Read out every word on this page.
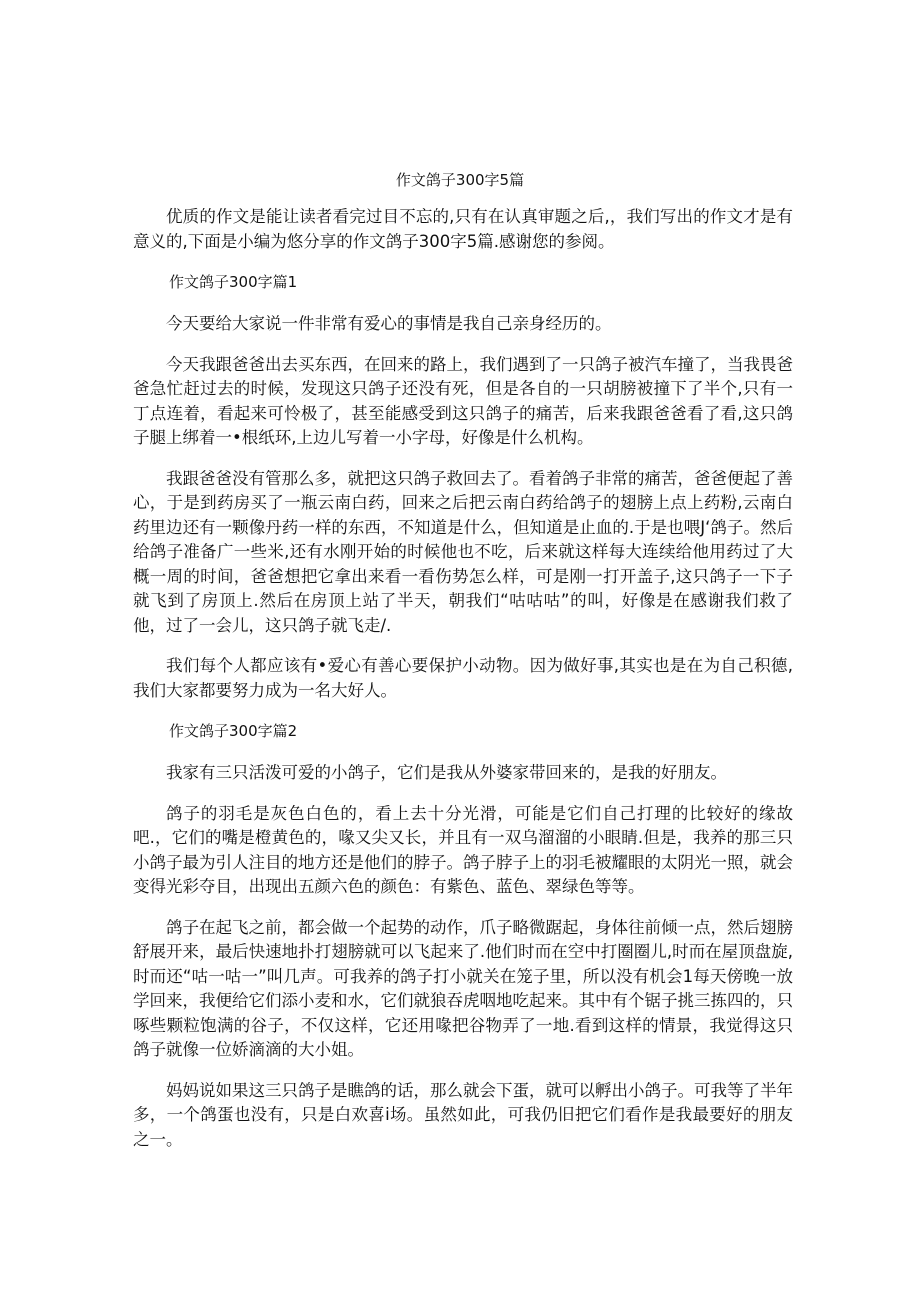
作文鸽子300字5篇

优质的作文是能让读者看完过目不忘的,只有在认真审题之后,，我们写出的作文才是有意义的,下面是小编为悠分享的作文鸽子300字5篇.感谢您的参阅。

作文鸽子300字篇1

今天要给大家说一件非常有爱心的事情是我自己亲身经历的。

今天我跟爸爸出去买东西，在回来的路上，我们遇到了一只鸽子被汽车撞了，当我畏爸爸急忙赶过去的时候，发现这只鸽子还没有死，但是各自的一只胡膀被撞下了半个,只有一丁点连着，看起来可怜极了，甚至能感受到这只鸽子的痛苦，后来我跟爸爸看了看,这只鸽子腿上绑着一•根纸环,上边儿写着一小字母，好像是什么机构。

我跟爸爸没有管那么多，就把这只鸽子救回去了。看着鸽子非常的痛苦，爸爸便起了善心，于是到药房买了一瓶云南白药，回来之后把云南白药给鸽子的翅膀上点上药粉,云南白药里边还有一颗像丹药一样的东西，不知道是什么，但知道是止血的.于是也喂J‘鸽子。然后给鸽子准备广一些米,还有水刚开始的时候他也不吃，后来就这样每大连续给他用药过了大概一周的时间，爸爸想把它拿出来看一看伤势怎么样，可是刚一打开盖子,这只鸽子一下子就飞到了房顶上.然后在房顶上站了半天，朝我们“咕咕咕”的叫，好像是在感谢我们救了他，过了一会儿，这只鸽子就飞走/.

我们每个人都应该有•爱心有善心要保护小动物。因为做好事,其实也是在为自己积德,我们大家都要努力成为一名大好人。

作文鸽子300字篇2

我家有三只活泼可爱的小鸽子，它们是我从外婆家带回来的，是我的好朋友。

鸽子的羽毛是灰色白色的，看上去十分光滑，可能是它们自己打理的比较好的缘故吧.，它们的嘴是橙黄色的，喙又尖又长，并且有一双乌溜溜的小眼睛.但是，我养的那三只小鸽子最为引人注目的地方还是他们的脖子。鸽子脖子上的羽毛被耀眼的太阴光一照，就会变得光彩夺目，出现出五颜六色的颜色：有紫色、蓝色、翠绿色等等。

鸽子在起飞之前，都会做一个起势的动作，爪子略微踞起，身体往前倾一点，然后翅膀舒展开来，最后快速地扑打翅膀就可以飞起来了.他们时而在空中打圈圈儿,时而在屋顶盘旋,时而还“咕一咕一”叫几声。可我养的鸽子打小就关在笼子里，所以没有机会1每天傍晚一放学回来，我便给它们添小麦和水，它们就狼吞虎咽地吃起来。其中有个锯子挑三拣四的，只啄些颗粒饱满的谷子，不仅这样，它还用喙把谷物弄了一地.看到这样的情景，我觉得这只鸽子就像一位娇滴滴的大小姐。

妈妈说如果这三只鸽子是瞧鸽的话，那么就会下蛋，就可以孵出小鸽子。可我等了半年多，一个鸽蛋也没有，只是白欢喜i场。虽然如此，可我仍旧把它们看作是我最要好的朋友之一。
